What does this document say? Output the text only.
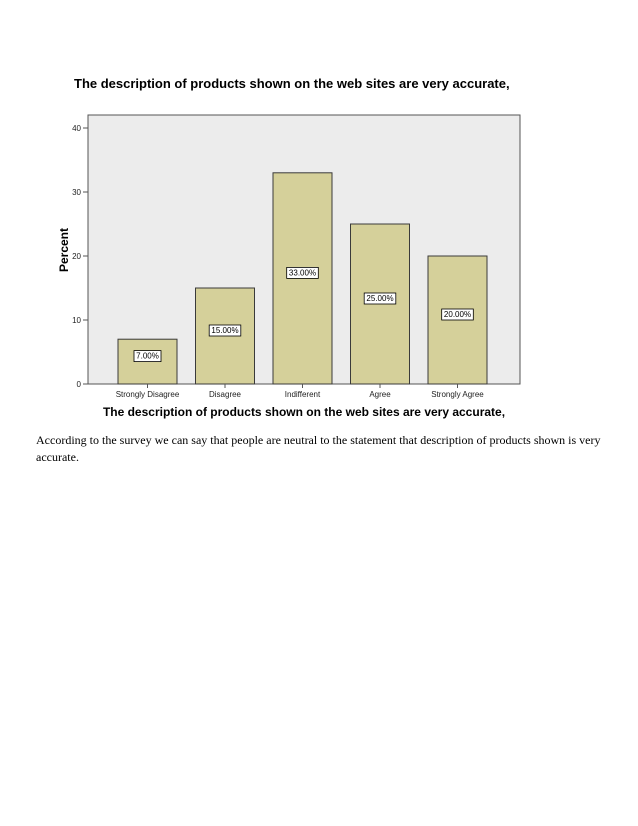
The description of products shown on the web sites are very accurate,
0
10
20
30
40
7.00%
15.00%
33.00%
25.00%
20.00%
Strongly Disagree	Disagree	Indifferent	Agree	Strongly Agree
Percent
The description of products shown on the web sites are very accurate,

According to the survey we can say that people are neutral to the statement that description of products shown is very accurate.
